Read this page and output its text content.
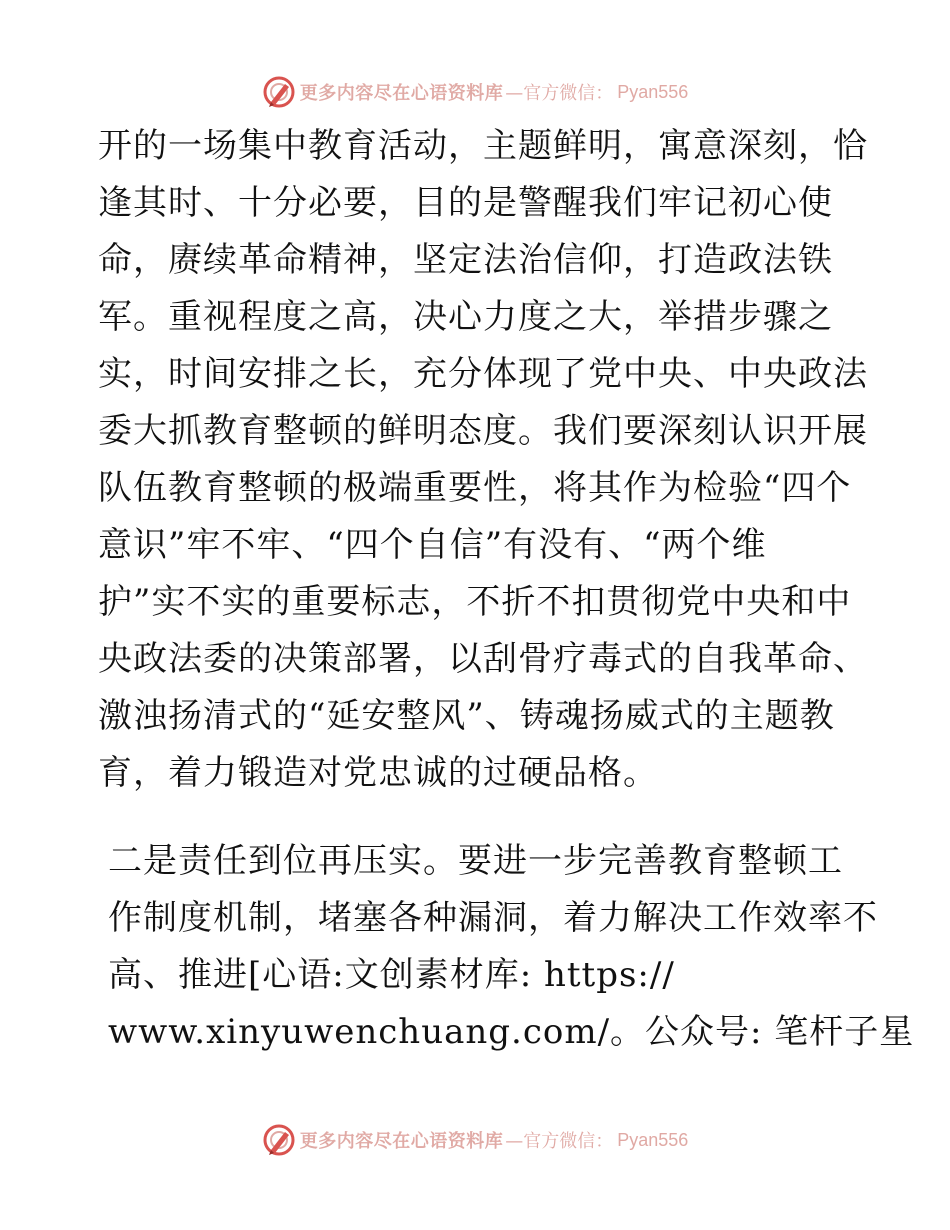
更多内容尽在心语资料库 —官方微信： Pyan556

开的一场集中教育活动，主题鲜明，寓意深刻，恰
逢其时、十分必要，目的是警醒我们牢记初心使
命，赓续革命精神，坚定法治信仰，打造政法铁
军。重视程度之高，决心力度之大，举措步骤之
实，时间安排之长，充分体现了党中央、中央政法
委大抓教育整顿的鲜明态度。我们要深刻认识开展
队伍教育整顿的极端重要性，将其作为检验“四个
意识”牢不牢、“四个自信”有没有、“两个维
护”实不实的重要标志，不折不扣贯彻党中央和中
央政法委的决策部署，以刮骨疗毒式的自我革命、
激浊扬清式的“延安整风”、铸魂扬威式的主题教
育，着力锻造对党忠诚的过硬品格。

二是责任到位再压实。要进一步完善教育整顿工
作制度机制，堵塞各种漏洞，着力解决工作效率不
高、推进[心语:文创素材库: https://
www.xinyuwenchuang.com/。公众号: 笔杆子星

更多内容尽在心语资料库 —官方微信： Pyan556
